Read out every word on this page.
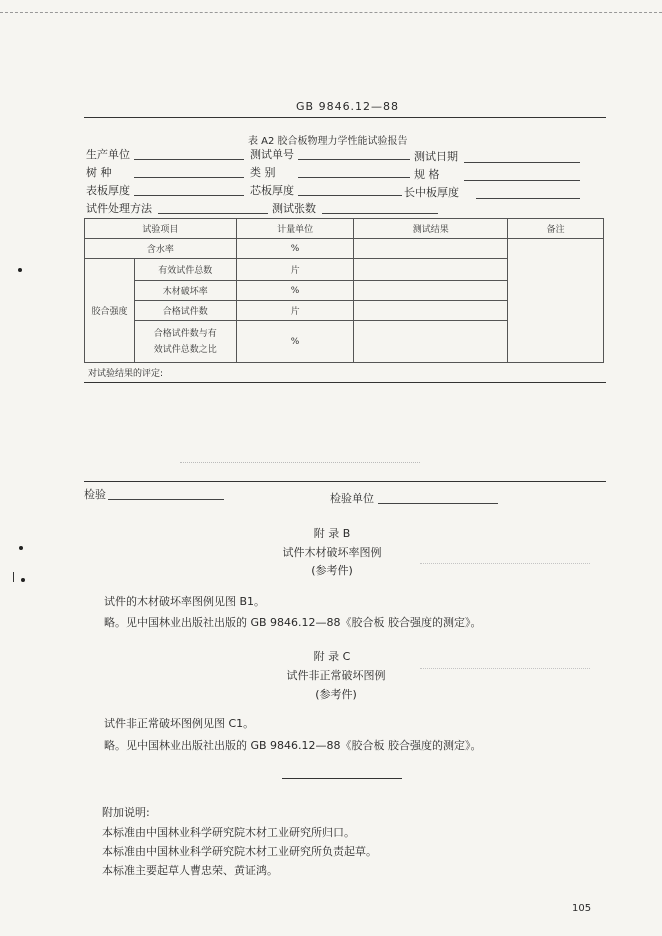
GB 9846.12—88
表 A2 胶合板物理力学性能试验报告
生产单位	测试单号	测试日期
树 种	类 别	规 格
表板厚度	芯板厚度	长中板厚度
试件处理方法	测试张数
试验项目		计量单位	测试结果	备注
含水率		%		
胶合强度	有效试件总数	片		
	木材破坏率	%		
	合格试件数	片		

	合格试件数与有
效试件总数之比	%		
对试验结果的评定:
检验	检验单位
附 录 B
试件木材破坏率图例
(参考件)
试件的木材破坏率图例见图 B1。
略。见中国林业出版社出版的 GB 9846.12—88《胶合板 胶合强度的测定》。
附 录 C
试件非正常破坏图例
(参考件)
试件非正常破坏图例见图 C1。
略。见中国林业出版社出版的 GB 9846.12—88《胶合板 胶合强度的测定》。
附加说明:
本标准由中国林业科学研究院木材工业研究所归口。
本标准由中国林业科学研究院木材工业研究所负责起草。
本标准主要起草人曹忠荣、黄证鸿。
105
